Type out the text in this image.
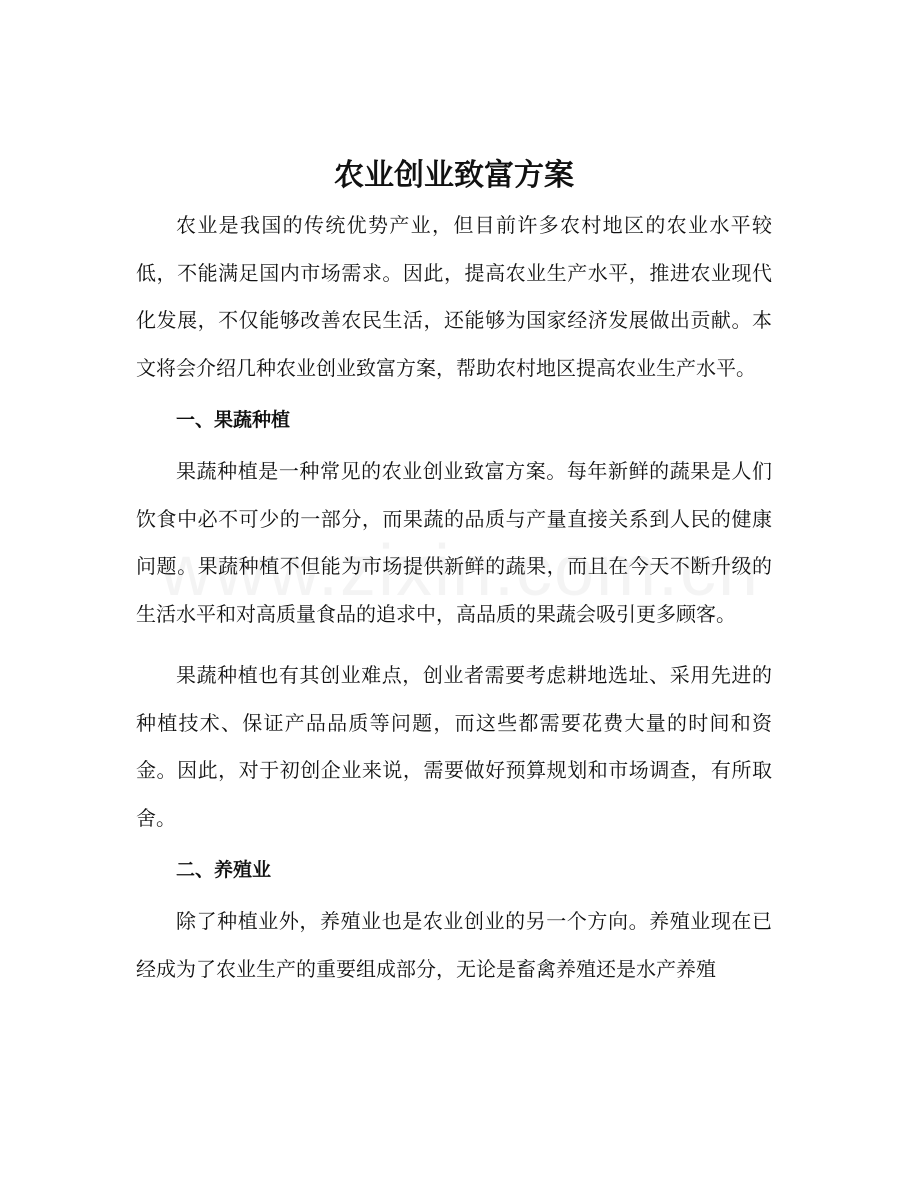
农业创业致富方案

农业是我国的传统优势产业，但目前许多农村地区的农业水平较低，不能满足国内市场需求。因此，提高农业生产水平，推进农业现代化发展，不仅能够改善农民生活，还能够为国家经济发展做出贡献。本文将会介绍几种农业创业致富方案，帮助农村地区提高农业生产水平。

一、果蔬种植

果蔬种植是一种常见的农业创业致富方案。每年新鲜的蔬果是人们饮食中必不可少的一部分，而果蔬的品质与产量直接关系到人民的健康问题。果蔬种植不但能为市场提供新鲜的蔬果，而且在今天不断升级的生活水平和对高质量食品的追求中，高品质的果蔬会吸引更多顾客。

果蔬种植也有其创业难点，创业者需要考虑耕地选址、采用先进的种植技术、保证产品品质等问题，而这些都需要花费大量的时间和资金。因此，对于初创企业来说，需要做好预算规划和市场调查，有所取舍。

二、养殖业

除了种植业外，养殖业也是农业创业的另一个方向。养殖业现在已经成为了农业生产的重要组成部分，无论是畜禽养殖还是水产养殖
